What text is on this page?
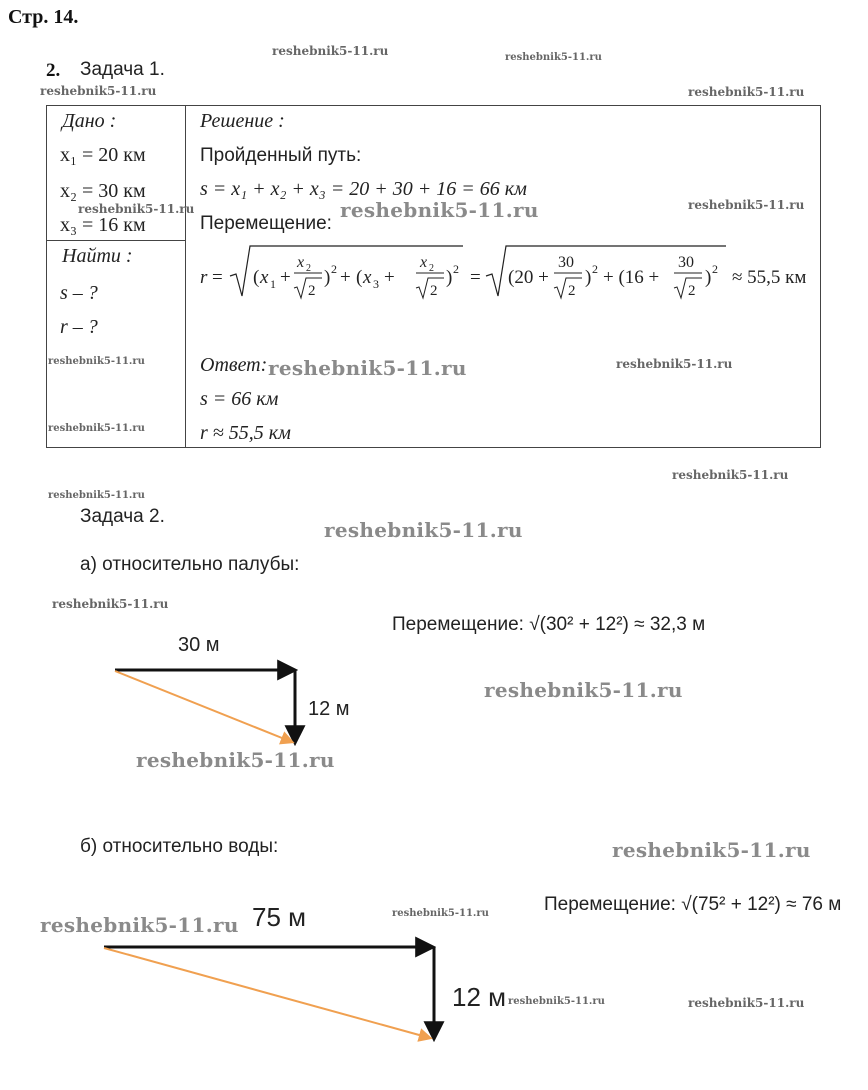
Стр. 14.
2. Задача 1.
reshebnik5-11.ru	reshebnik5-11.ru
reshebnik5-11.ru	reshebnik5-11.ru
Дано :
x₁ = 20 км
x₂ = 30 км
x₃ = 16 км
Найти :
s – ?
r – ?
Решение :
Пройденный путь:
s = x₁ + x₂ + x₃ = 20 + 30 + 16 = 66 км
Перемещение:
r = ( x 1 +
x 2
2
) 2 + ( x 3 +
x 2
2
) 2 = (20 +
30
2
) 2 + (16 +
30
2
) 2 ≈ 55,5 км
Ответ:
s = 66 км
r ≈ 55,5 км
reshebnik5-11.ru	reshebnik5-11.ru	reshebnik5-11.ru
reshebnik5-11.ru	reshebnik5-11.ru	reshebnik5-11.ru
reshebnik5-11.ru
reshebnik5-11.ru
reshebnik5-11.ru
Задача 2.
reshebnik5-11.ru
а) относительно палубы:
reshebnik5-11.ru
Перемещение: √(30² + 12²) ≈ 32,3 м
30 м
12 м
reshebnik5-11.ru
reshebnik5-11.ru
б) относительно воды:	reshebnik5-11.ru
Перемещение: √(75² + 12²) ≈ 76 м
reshebnik5-11.ru 75 м	reshebnik5-11.ru
12 м reshebnik5-11.ru	reshebnik5-11.ru
